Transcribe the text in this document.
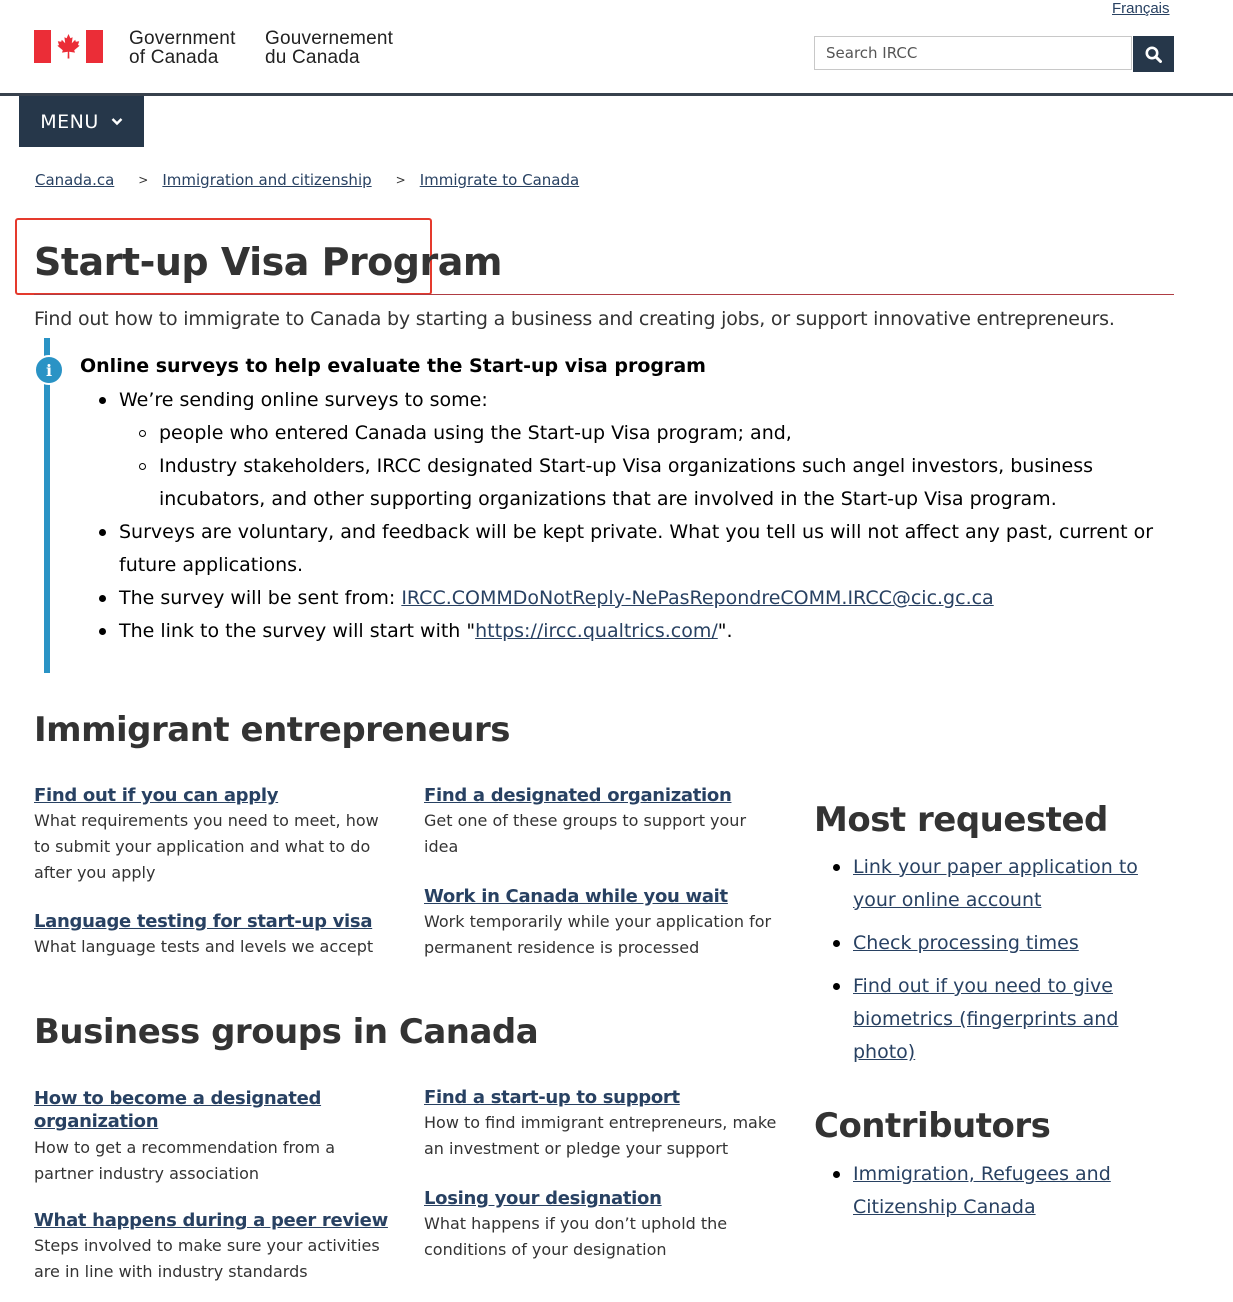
Français
Government
of Canada
Gouvernement
du Canada
Search IRCC
MENU
Canada.ca > Immigration and citizenship > Immigrate to Canada
Start-up Visa Program

Find out how to immigrate to Canada by starting a business and creating jobs, or support innovative entrepreneurs.

i	Online surveys to help evaluate the Start-up visa program
We’re sending online surveys to some:
people who entered Canada using the Start-up Visa program; and,
Industry stakeholders, IRCC designated Start-up Visa organizations such angel investors, business
incubators, and other supporting organizations that are involved in the Start-up Visa program.
Surveys are voluntary, and feedback will be kept private. What you tell us will not affect any past, current or
future applications.
The survey will be sent from: IRCC.COMMDoNotReply-NePasRepondreCOMM.IRCC@cic.gc.ca
The link to the survey will start with "https://ircc.qualtrics.com/".
Immigrant entrepreneurs
Find out if you can apply
What requirements you need to meet, how to submit your application and what to do after you apply
Find a designated organization
Get one of these groups to support your idea
Language testing for start-up visa
What language tests and levels we accept
Work in Canada while you wait
Work temporarily while your application for permanent residence is processed
Business groups in Canada
How to become a designated organization
How to get a recommendation from a partner industry association
Find a start-up to support
How to find immigrant entrepreneurs, make an investment or pledge your support
What happens during a peer review
Steps involved to make sure your activities are in line with industry standards
Losing your designation
What happens if you don’t uphold the conditions of your designation
Most requested
Link your paper application to
your online account
Check processing times
Find out if you need to give
biometrics (fingerprints and
photo)
Contributors
Immigration, Refugees and
Citizenship Canada
